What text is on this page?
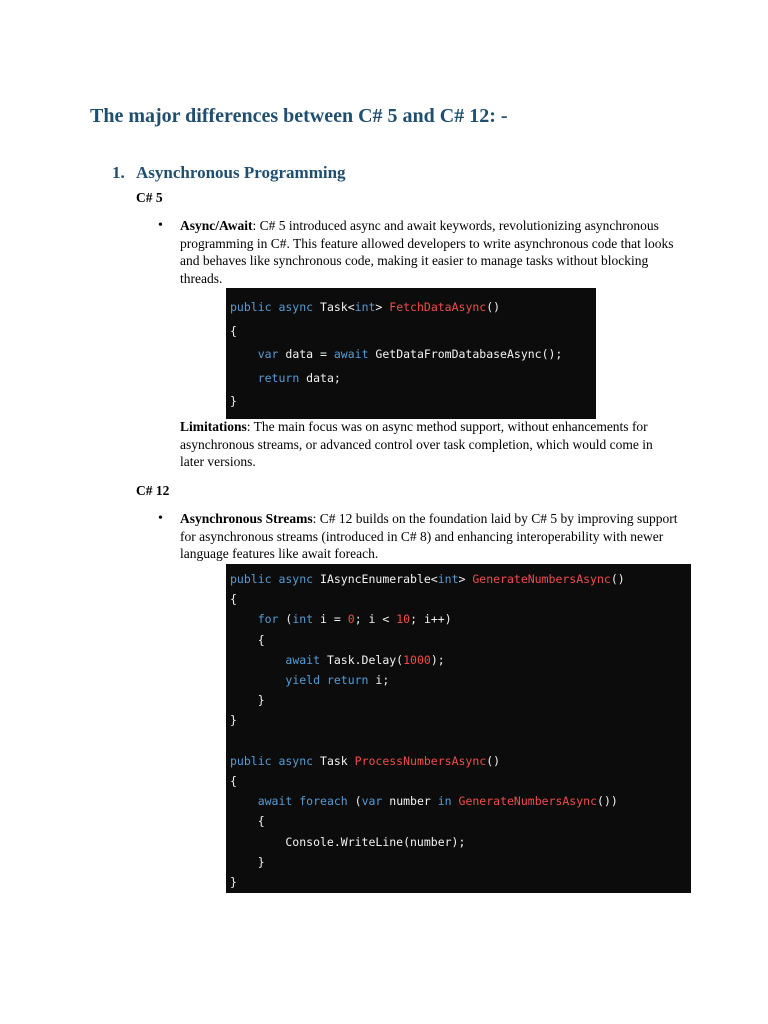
The major differences between C# 5 and C# 12: -
1. Asynchronous Programming
C# 5
• Async/Await: C# 5 introduced async and await keywords, revolutionizing asynchronous programming in C#. This feature allowed developers to write asynchronous code that looks and behaves like synchronous code, making it easier to manage tasks without blocking threads.

public async Task<int> FetchDataAsync()
{
var data = await GetDataFromDatabaseAsync();
return data;
}

Limitations: The main focus was on async method support, without enhancements for asynchronous streams, or advanced control over task completion, which would come in later versions.

C# 12
• Asynchronous Streams: C# 12 builds on the foundation laid by C# 5 by improving support for asynchronous streams (introduced in C# 8) and enhancing interoperability with newer language features like await foreach.

public async IAsyncEnumerable<int> GenerateNumbersAsync()
{
for (int i = 0; i < 10; i++)
{
await Task.Delay(1000);
yield return i;
}
}
public async Task ProcessNumbersAsync()
{
await foreach (var number in GenerateNumbersAsync())
{
Console.WriteLine(number);
}
}
